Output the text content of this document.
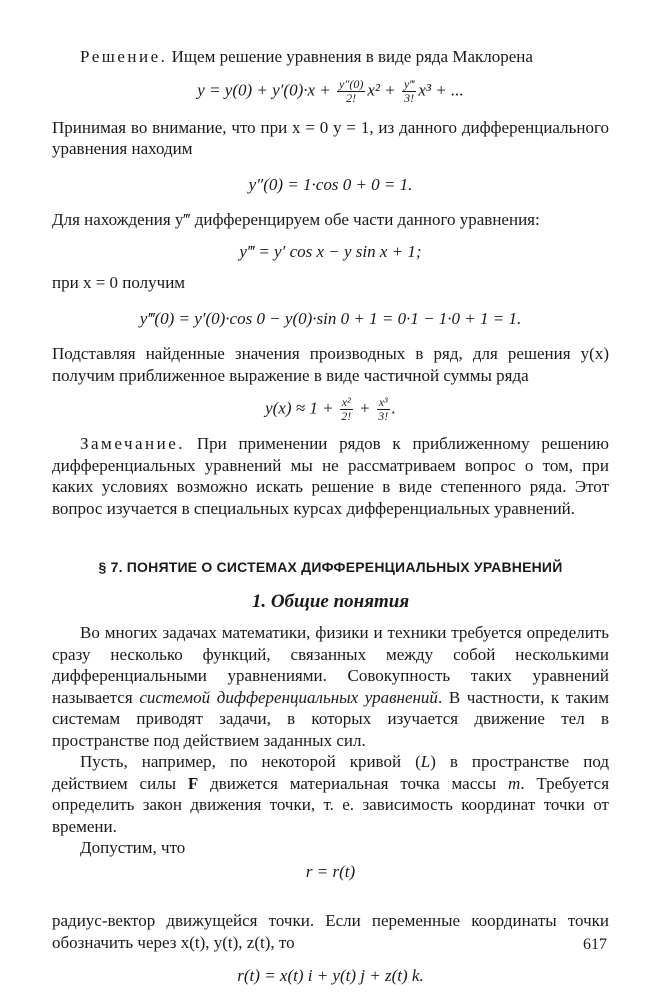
Решение. Ищем решение уравнения в виде ряда Маклорена

$y = y(0) + y'(0)\cdot x + \frac{y''(0)}{2!} x^2 + \frac{y‴}{3!} x^3$ + ...

Принимая во внимание, что при x = 0 y = 1, из данного дифференциального уравнения находим

y″(0) = 1·cos 0 + 0 = 1.

Для нахождения y‴ дифференцируем обе части данного уравнения:

y‴ = y′ cos x − y sin x + 1;

при x = 0 получим

y‴(0) = y′(0)·cos 0 − y(0)·sin 0 + 1 = 0·1 − 1·0 + 1 = 1.

Подставляя найденные значения производных в ряд, для решения y(x) получим приближенное выражение в виде частичной суммы ряда

$y(x) \approx 1 + \frac{\text{x²}}{2!} + \frac{\text{x³}}{3!}$ .

Замечание. При применении рядов к приближенному решению дифференциальных уравнений мы не рассматриваем вопрос о том, при каких условиях возможно искать решение в виде степенного ряда. Этот вопрос изучается в специальных курсах дифференциальных уравнений.

§ 7. ПОНЯТИЕ О СИСТЕМАХ ДИФФЕРЕНЦИАЛЬНЫХ УРАВНЕНИЙ

1. Общие понятия

Во многих задачах математики, физики и техники требуется определить сразу несколько функций, связанных между собой несколькими дифференциальными уравнениями. Совокупность таких уравнений называется системой дифференциальных уравнений. В частности, к таким системам приводят задачи, в которых изучается движение тел в пространстве под действием заданных сил.

Пусть, например, по некоторой кривой (L) в пространстве под действием силы F движется материальная точка массы m. Требуется определить закон движения точки, т. е. зависимость координат точки от времени.

Допустим, что

r = r(t)

радиус-вектор движущейся точки. Если переменные координаты точки обозначить через x(t), y(t), z(t), то

r(t) = x(t) i + y(t) j + z(t) k.

617
